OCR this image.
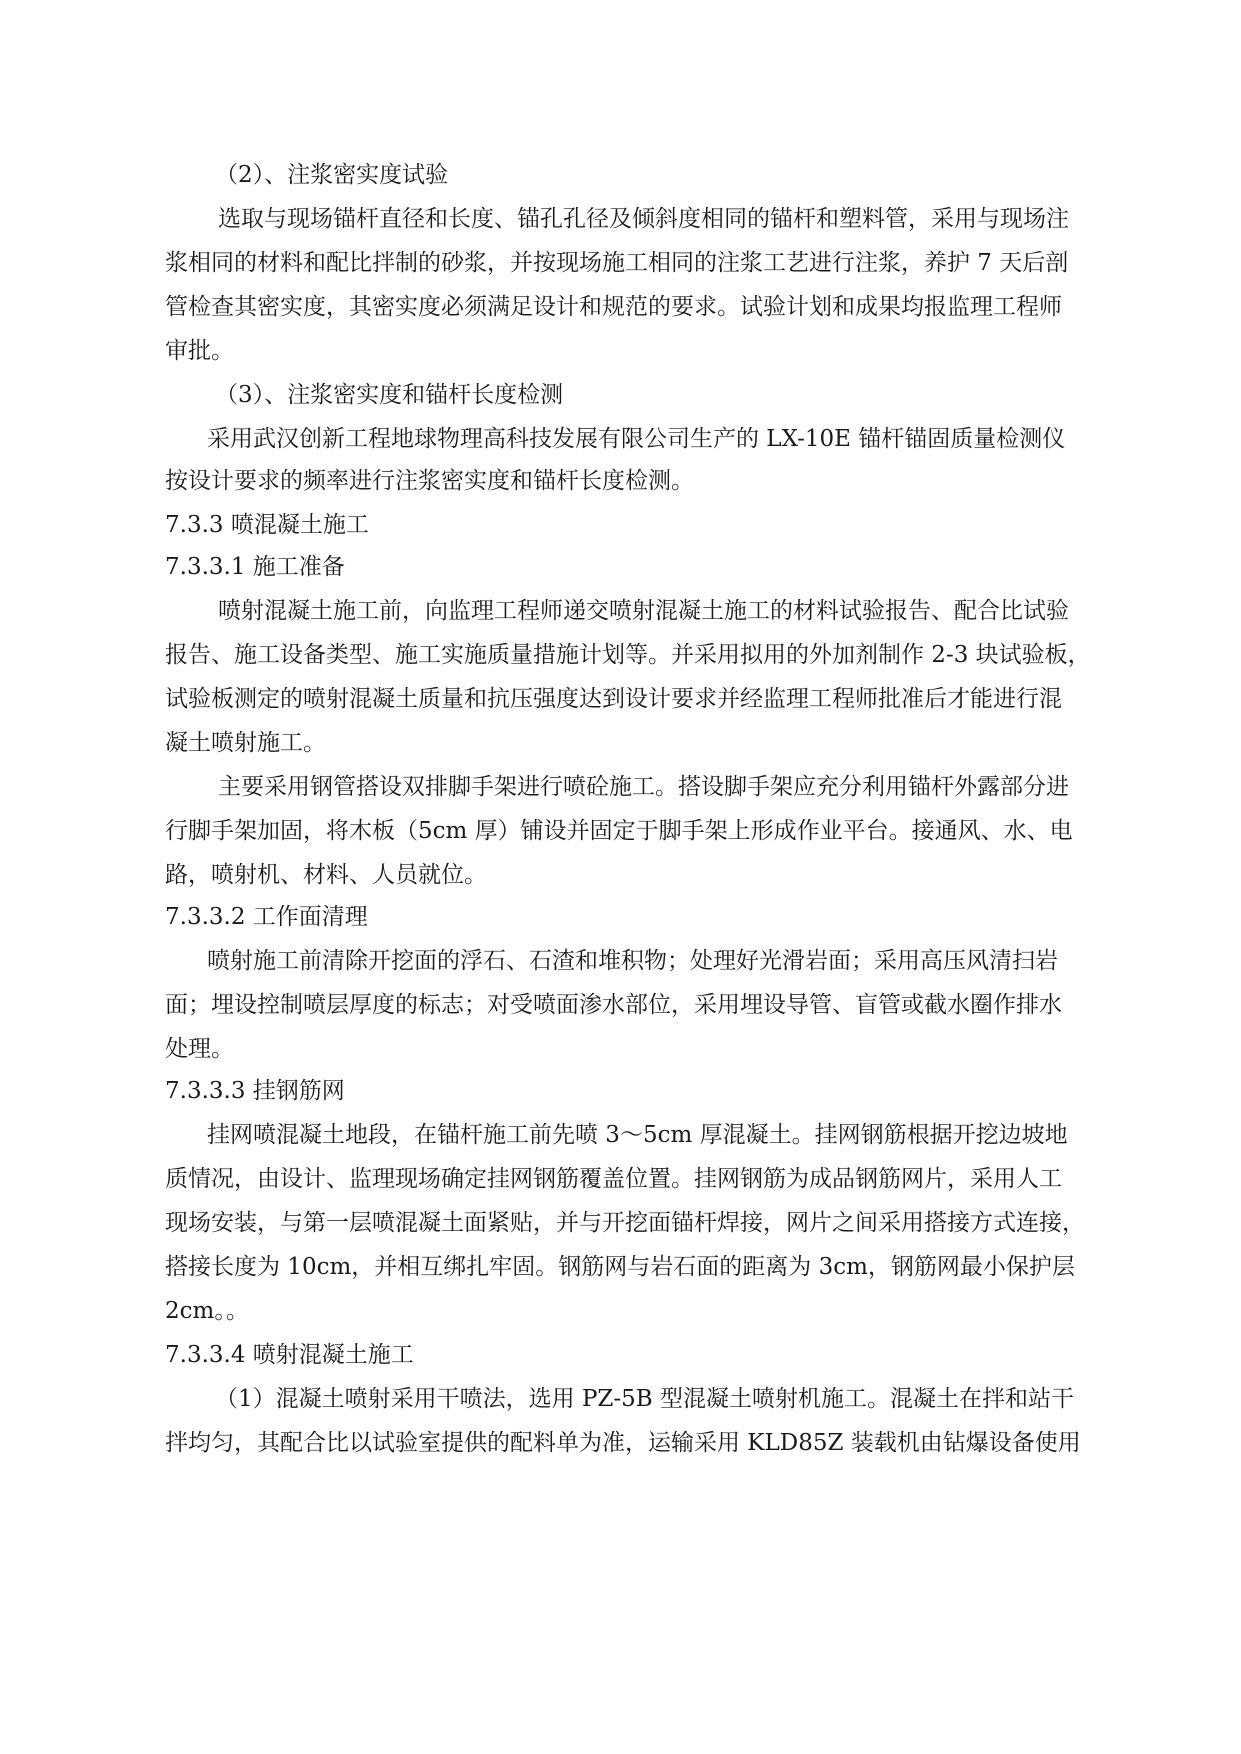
（2）、注浆密实度试验
选取与现场锚杆直径和长度、锚孔孔径及倾斜度相同的锚杆和塑料管，采用与现场注
浆相同的材料和配比拌制的砂浆，并按现场施工相同的注浆工艺进行注浆，养护 7 天后剖
管检查其密实度，其密实度必须满足设计和规范的要求。试验计划和成果均报监理工程师
审批。
（3）、注浆密实度和锚杆长度检测
采用武汉创新工程地球物理高科技发展有限公司生产的 LX-10E 锚杆锚固质量检测仪
按设计要求的频率进行注浆密实度和锚杆长度检测。
7.3.3 喷混凝土施工
7.3.3.1 施工准备
喷射混凝土施工前，向监理工程师递交喷射混凝土施工的材料试验报告、配合比试验
报告、施工设备类型、施工实施质量措施计划等。并采用拟用的外加剂制作 2-3 块试验板，
试验板测定的喷射混凝土质量和抗压强度达到设计要求并经监理工程师批准后才能进行混
凝土喷射施工。
主要采用钢管搭设双排脚手架进行喷砼施工。搭设脚手架应充分利用锚杆外露部分进
行脚手架加固，将木板（5cm 厚）铺设并固定于脚手架上形成作业平台。接通风、水、电
路，喷射机、材料、人员就位。
7.3.3.2 工作面清理
喷射施工前清除开挖面的浮石、石渣和堆积物；处理好光滑岩面；采用高压风清扫岩
面；埋设控制喷层厚度的标志；对受喷面渗水部位，采用埋设导管、盲管或截水圈作排水
处理。
7.3.3.3 挂钢筋网
挂网喷混凝土地段，在锚杆施工前先喷 3～5cm 厚混凝土。挂网钢筋根据开挖边坡地
质情况，由设计、监理现场确定挂网钢筋覆盖位置。挂网钢筋为成品钢筋网片，采用人工
现场安装，与第一层喷混凝土面紧贴，并与开挖面锚杆焊接，网片之间采用搭接方式连接，
搭接长度为 10cm，并相互绑扎牢固。钢筋网与岩石面的距离为 3cm，钢筋网最小保护层
2cm。。
7.3.3.4 喷射混凝土施工
（1）混凝土喷射采用干喷法，选用 PZ-5B 型混凝土喷射机施工。混凝土在拌和站干
拌均匀，其配合比以试验室提供的配料单为准，运输采用 KLD85Z 装载机由钻爆设备使用
